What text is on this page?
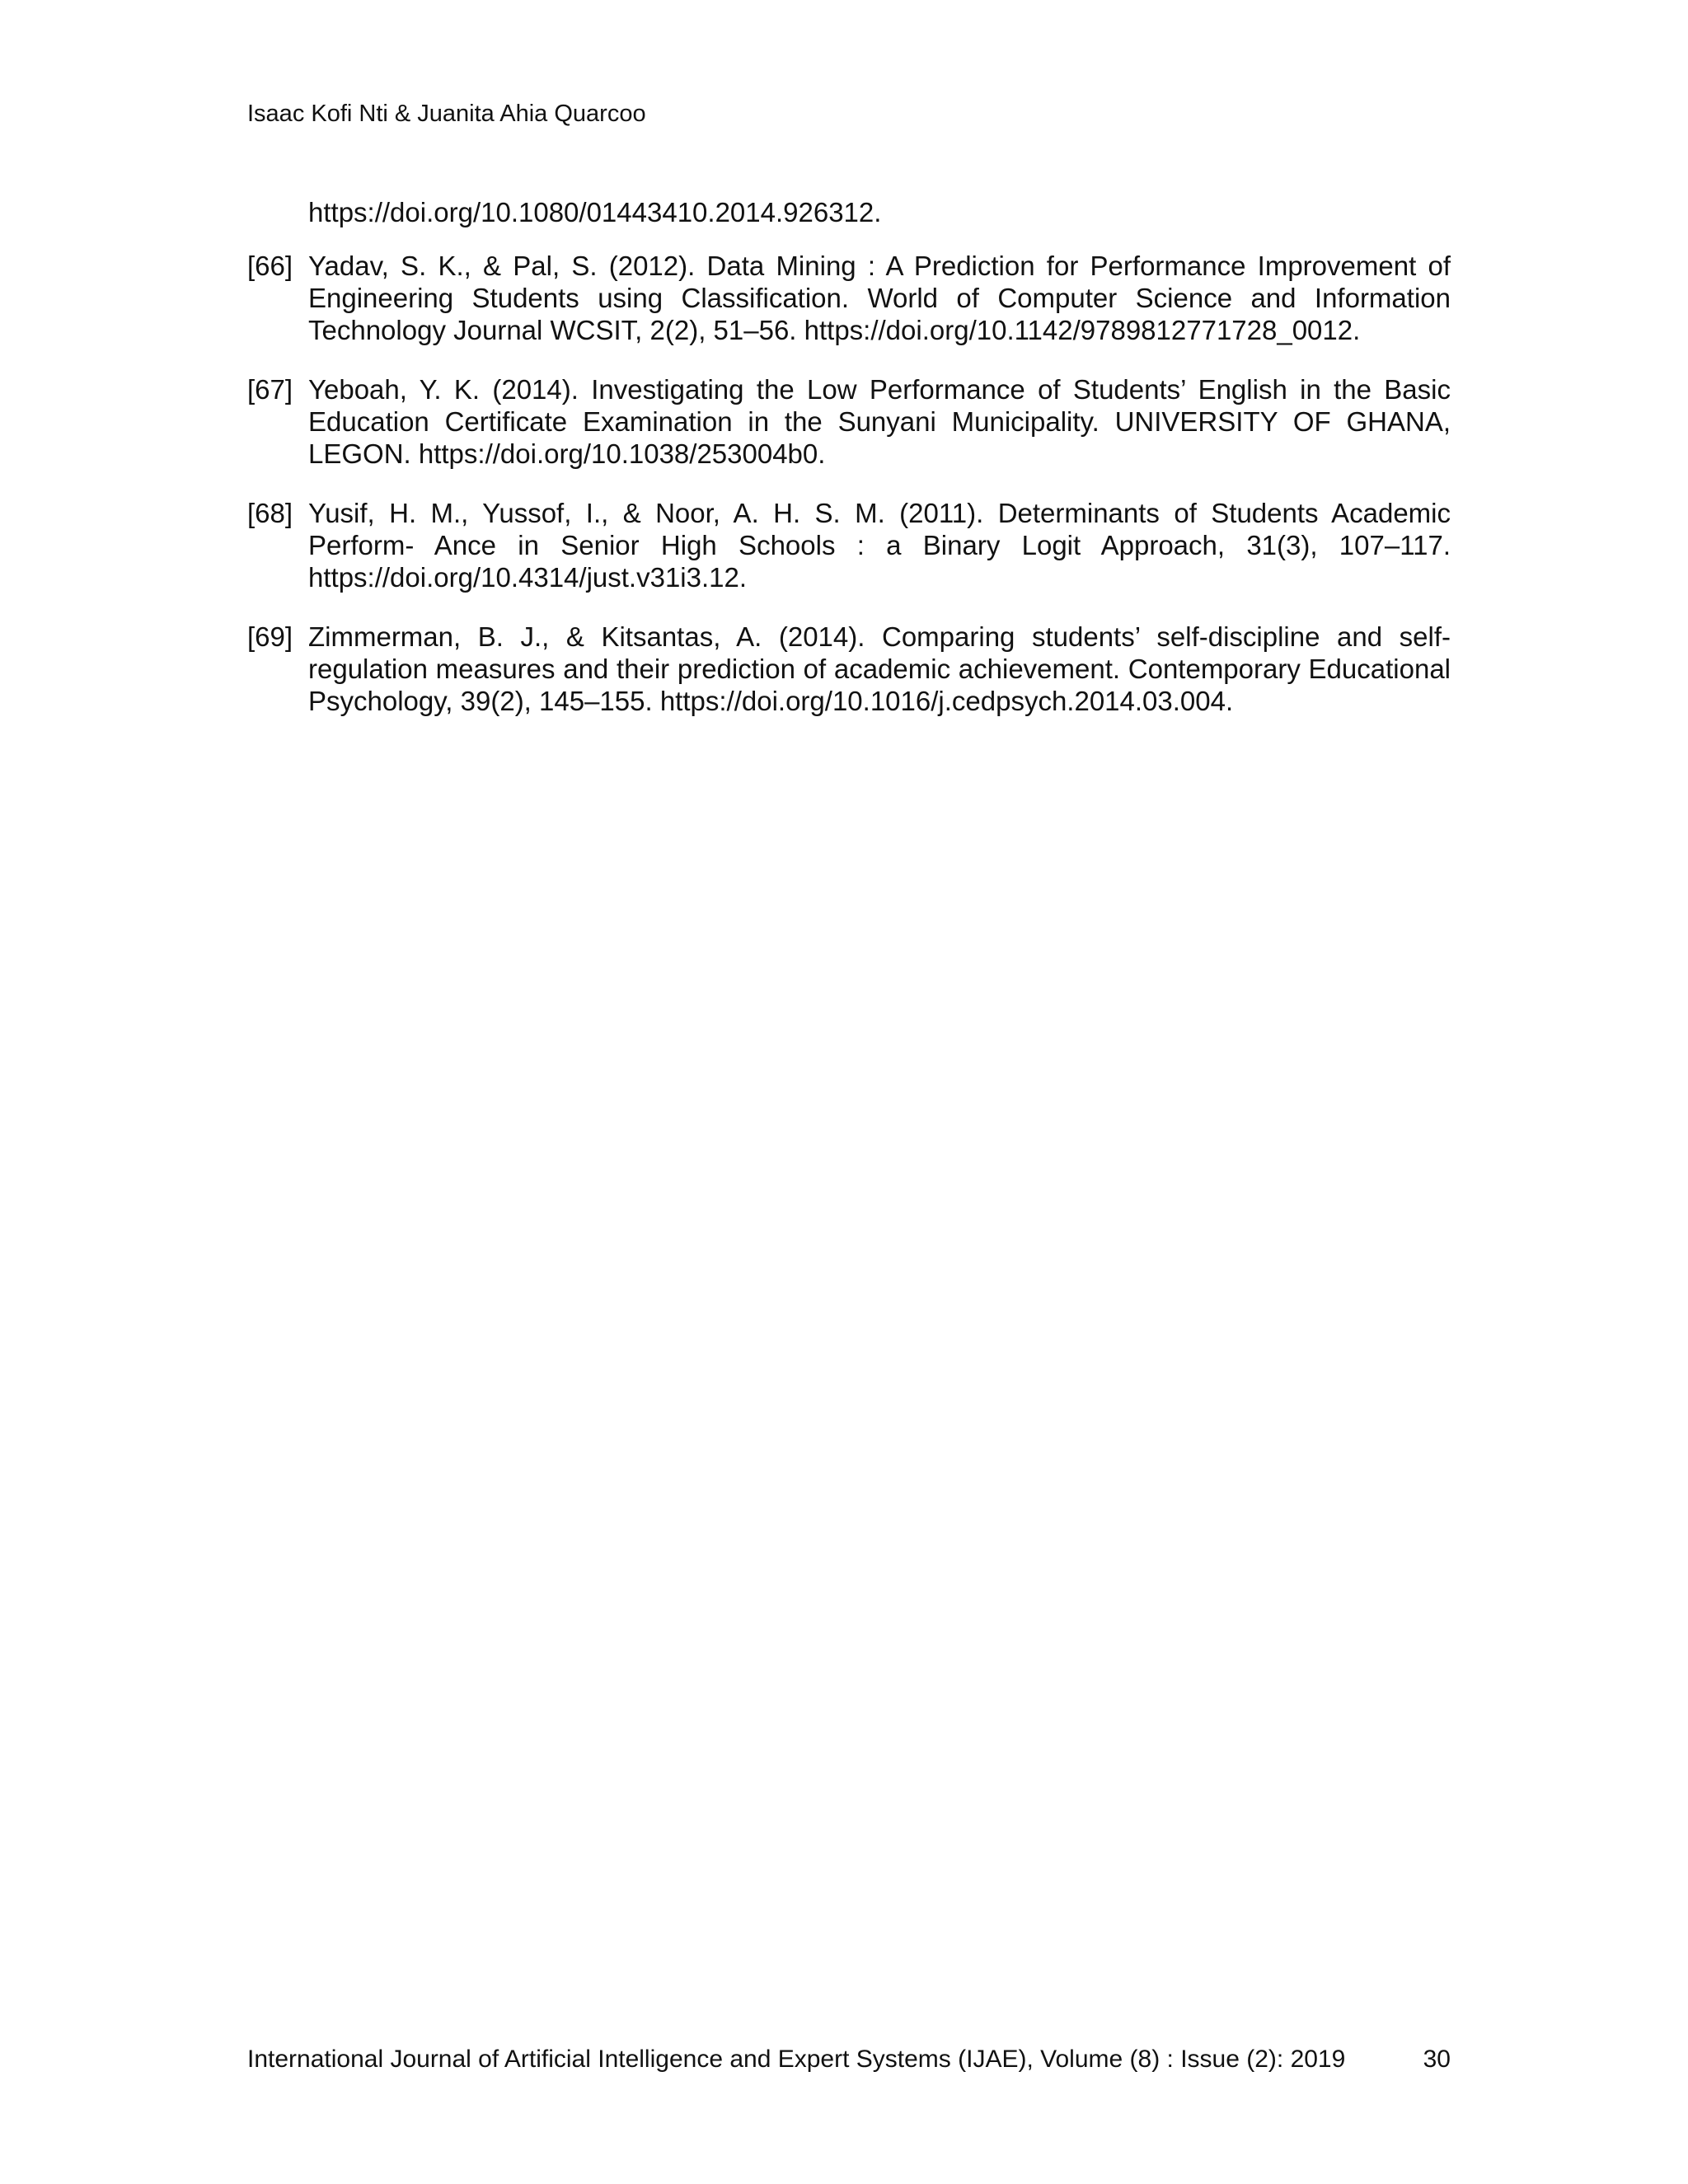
Isaac Kofi Nti & Juanita Ahia Quarcoo
https://doi.org/10.1080/01443410.2014.926312.
[66] Yadav, S. K., & Pal, S. (2012). Data Mining : A Prediction for Performance Improvement of Engineering Students using Classification. World of Computer Science and Information Technology Journal WCSIT, 2(2), 51–56. https://doi.org/10.1142/9789812771728_0012.
[67] Yeboah, Y. K. (2014). Investigating the Low Performance of Students’ English in the Basic Education Certificate Examination in the Sunyani Municipality. UNIVERSITY OF GHANA, LEGON. https://doi.org/10.1038/253004b0.
[68] Yusif, H. M., Yussof, I., & Noor, A. H. S. M. (2011). Determinants of Students Academic Perform- Ance in Senior High Schools : a Binary Logit Approach, 31(3), 107–117. https://doi.org/10.4314/just.v31i3.12.
[69] Zimmerman, B. J., & Kitsantas, A. (2014). Comparing students’ self-discipline and self-regulation measures and their prediction of academic achievement. Contemporary Educational Psychology, 39(2), 145–155. https://doi.org/10.1016/j.cedpsych.2014.03.004.
International Journal of Artificial Intelligence and Expert Systems (IJAE), Volume (8) : Issue (2): 2019	30
